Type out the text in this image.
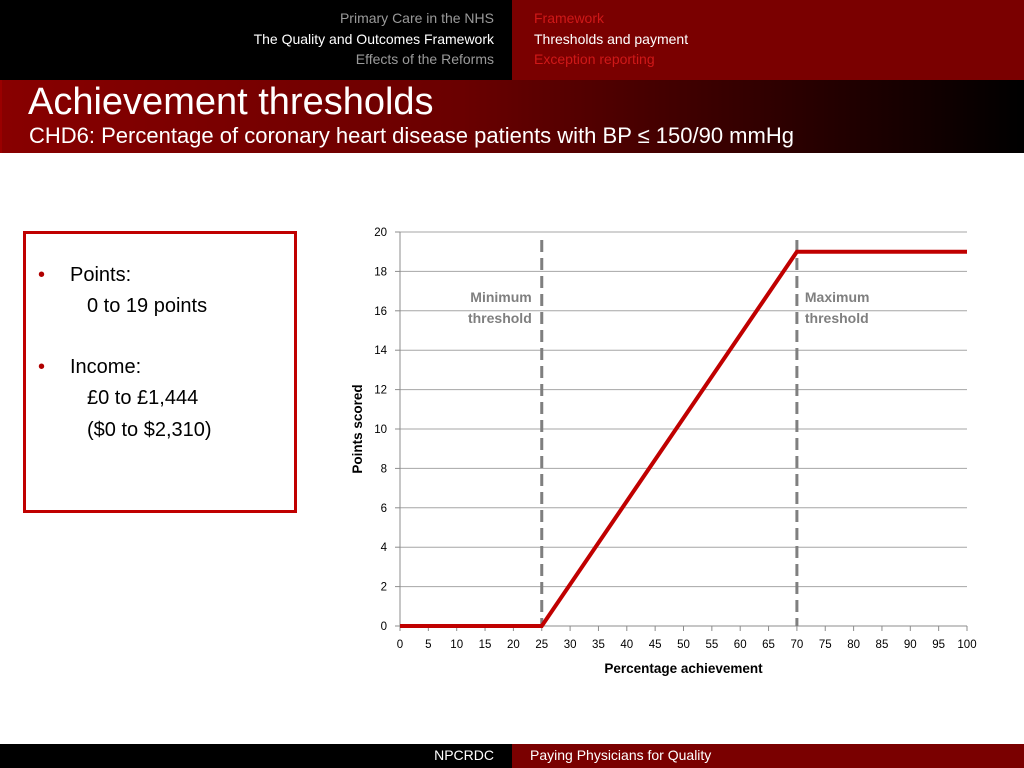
Primary Care in the NHS
The Quality and Outcomes Framework
Effects of the Reforms
Framework
Thresholds and payment
Exception reporting
Achievement thresholds
CHD6: Percentage of coronary heart disease patients with BP ≤ 150/90 mmHg
• Points:
0 to 19 points
• Income:
£0 to £1,444
($0 to $2,310)
0
2
4
6
8
10
12
14
16
18
20
0 5 10 15 20 25 30 35 40 45 50 55 60 65 70 75 80 85 90 95 100
Percentage achievement
Points scored
Minimum
threshold
Maximum
threshold
NPCRDC	Paying Physicians for Quality
